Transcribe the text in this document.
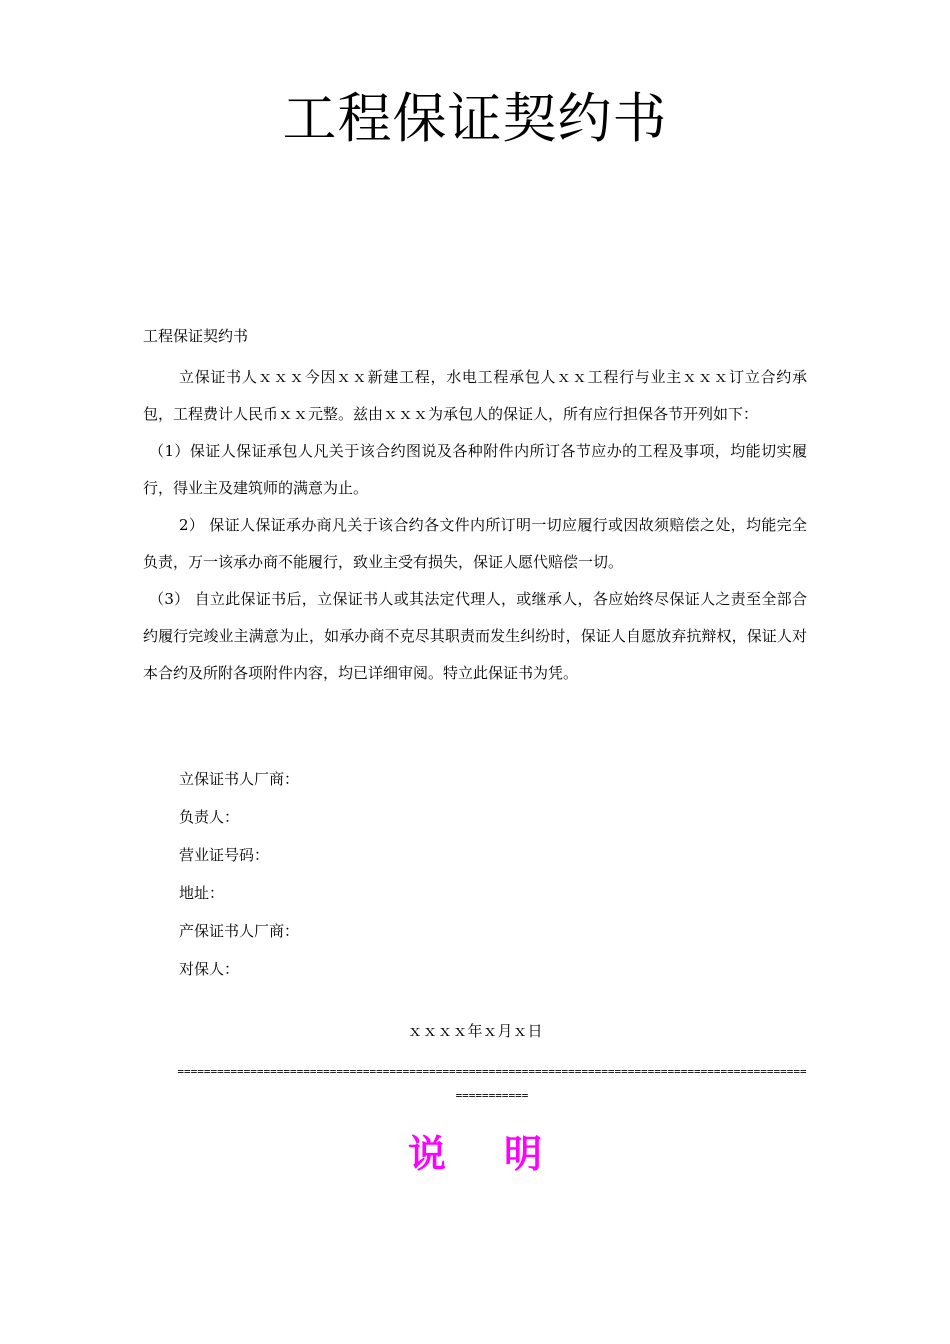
工程保证契约书
工程保证契约书

立保证书人ｘｘｘ今因ｘｘ新建工程，水电工程承包人ｘｘ工程行与业主ｘｘｘ订立合约承包，工程费计人民币ｘｘ元整。兹由ｘｘｘ为承包人的保证人，所有应行担保各节开列如下：

（1）保证人保证承包人凡关于该合约图说及各种附件内所订各节应办的工程及事项，均能切实履行，得业主及建筑师的满意为止。

2） 保证人保证承办商凡关于该合约各文件内所订明一切应履行或因故须赔偿之处，均能完全负责，万一该承办商不能履行，致业主受有损失，保证人愿代赔偿一切。

（3） 自立此保证书后，立保证书人或其法定代理人，或继承人，各应始终尽保证人之责至全部合约履行完竣业主满意为止，如承办商不克尽其职责而发生纠纷时，保证人自愿放弃抗辩权，保证人对本合约及所附各项附件内容，均已详细审阅。特立此保证书为凭。

立保证书人厂商：
负责人：
营业证号码：
地址：
产保证书人厂商：
对保人：
ｘｘｘｘ年ｘ月ｘ日
==========================================================================================================
说明
